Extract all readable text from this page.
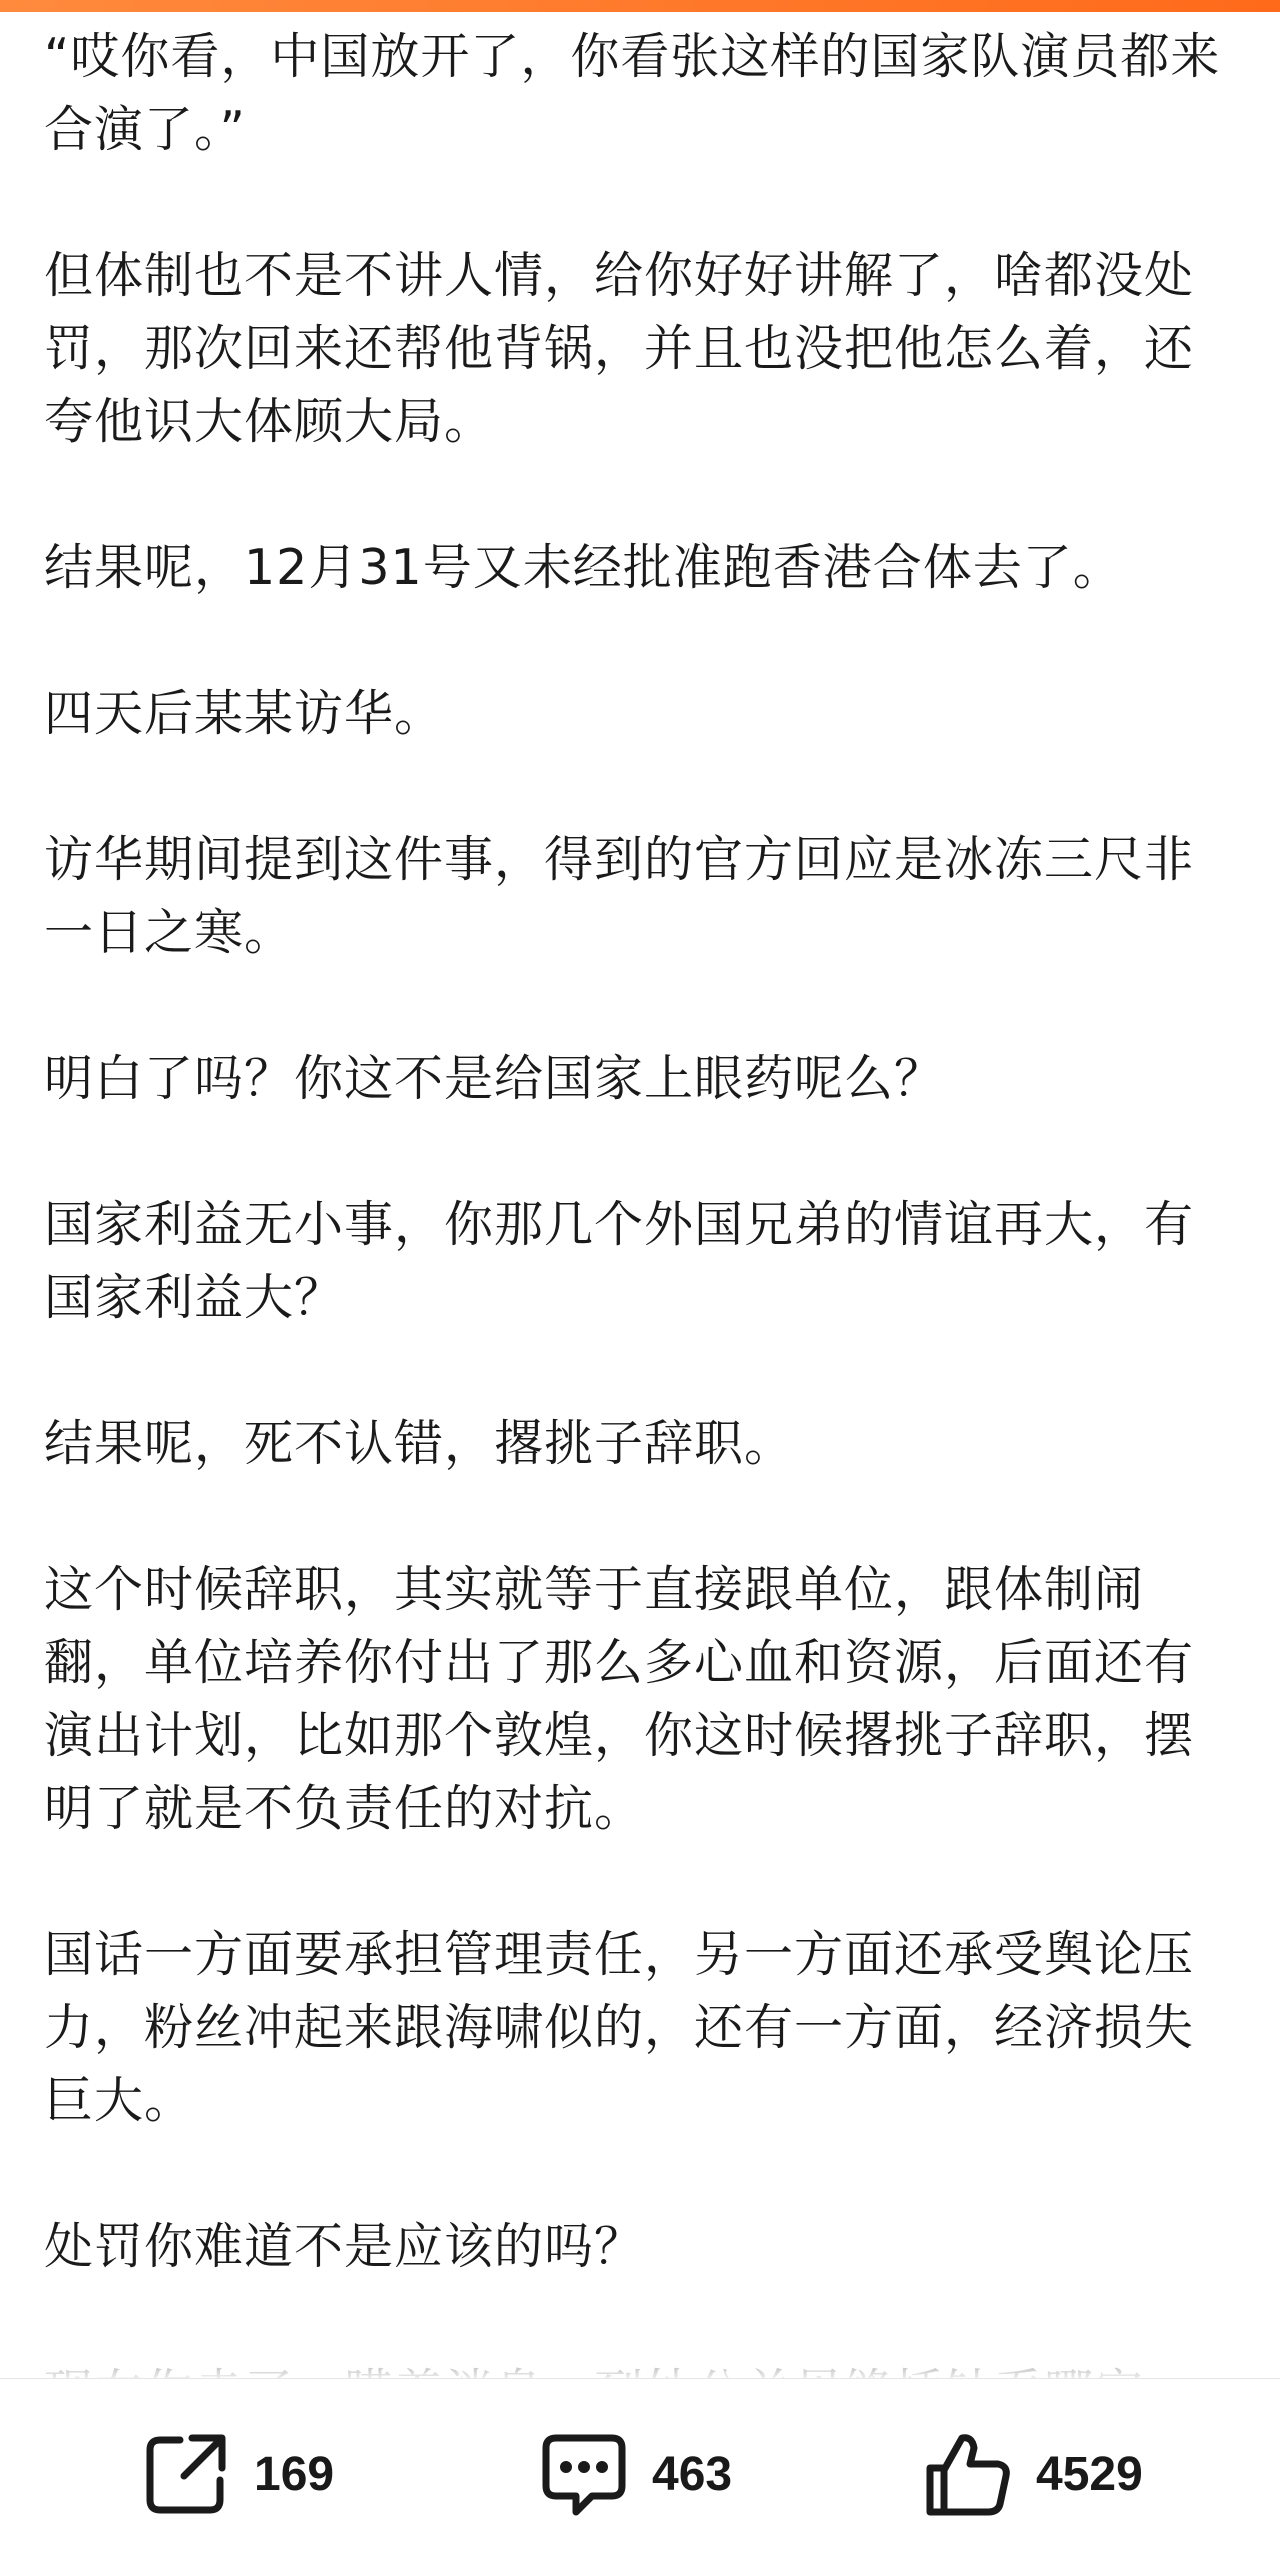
“哎你看，中国放开了，你看张这样的国家队演员都来合演了。”

但体制也不是不讲人情，给你好好讲解了，啥都没处罚，那次回来还帮他背锅，并且也没把他怎么着，还夸他识大体顾大局。

结果呢，12月31号又未经批准跑香港合体去了。

四天后某某访华。

访华期间提到这件事，得到的官方回应是冰冻三尺非一日之寒。

明白了吗？你这不是给国家上眼药呢么？

国家利益无小事，你那几个外国兄弟的情谊再大，有国家利益大？

结果呢，死不认错，撂挑子辞职。

这个时候辞职，其实就等于直接跟单位，跟体制闹翻，单位培养你付出了那么多心血和资源，后面还有演出计划，比如那个敦煌，你这时候撂挑子辞职，摆明了就是不负责任的对抗。

国话一方面要承担管理责任，另一方面还承受舆论压力，粉丝冲起来跟海啸似的，还有一方面，经济损失巨大。

处罚你难道不是应该的吗？

169	463	4529
